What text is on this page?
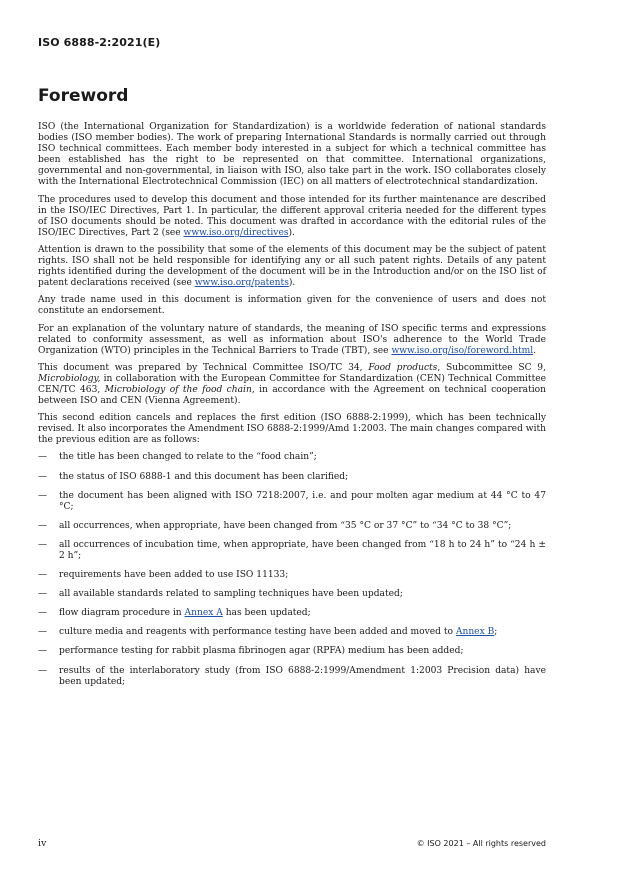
ISO 6888-2:2021(E)
Foreword

ISO (the International Organization for Standardization) is a worldwide federation of national standards bodies (ISO member bodies). The work of preparing International Standards is normally carried out through ISO technical committees. Each member body interested in a subject for which a technical committee has been established has the right to be represented on that committee. International organizations, governmental and non-governmental, in liaison with ISO, also take part in the work. ISO collaborates closely with the International Electrotechnical Commission (IEC) on all matters of electrotechnical standardization.

The procedures used to develop this document and those intended for its further maintenance are described in the ISO/IEC Directives, Part 1. In particular, the different approval criteria needed for the different types of ISO documents should be noted. This document was drafted in accordance with the editorial rules of the ISO/IEC Directives, Part 2 (see www.iso.org/directives).

Attention is drawn to the possibility that some of the elements of this document may be the subject of patent rights. ISO shall not be held responsible for identifying any or all such patent rights. Details of any patent rights identified during the development of the document will be in the Introduction and/or on the ISO list of patent declarations received (see www.iso.org/patents).

Any trade name used in this document is information given for the convenience of users and does not constitute an endorsement.

For an explanation of the voluntary nature of standards, the meaning of ISO specific terms and expressions related to conformity assessment, as well as information about ISO's adherence to the World Trade Organization (WTO) principles in the Technical Barriers to Trade (TBT), see www.iso.org/iso/foreword.html.

This document was prepared by Technical Committee ISO/TC 34, Food products, Subcommittee SC 9, Microbiology, in collaboration with the European Committee for Standardization (CEN) Technical Committee CEN/TC 463, Microbiology of the food chain, in accordance with the Agreement on technical cooperation between ISO and CEN (Vienna Agreement).

This second edition cancels and replaces the first edition (ISO 6888-2:1999), which has been technically revised. It also incorporates the Amendment ISO 6888-2:1999/Amd 1:2003. The main changes compared with the previous edition are as follows:

—	the title has been changed to relate to the “food chain”;
—	the status of ISO 6888-1 and this document has been clarified;
—	the document has been aligned with ISO 7218:2007, i.e. and pour molten agar medium at 44 °C to 47 °C;
—	all occurrences, when appropriate, have been changed from “35 °C or 37 °C” to “34 °C to 38 °C”;
—	all occurrences of incubation time, when appropriate, have been changed from “18 h to 24 h” to “24 h ± 2 h”;
—	requirements have been added to use ISO 11133;
—	all available standards related to sampling techniques have been updated;
—	flow diagram procedure in Annex A has been updated;
—	culture media and reagents with performance testing have been added and moved to Annex B;
—	performance testing for rabbit plasma fibrinogen agar (RPFA) medium has been added;
—	results of the interlaboratory study (from ISO 6888-2:1999/Amendment 1:2003 Precision data) have been updated;
iv	© ISO 2021 – All rights reserved
